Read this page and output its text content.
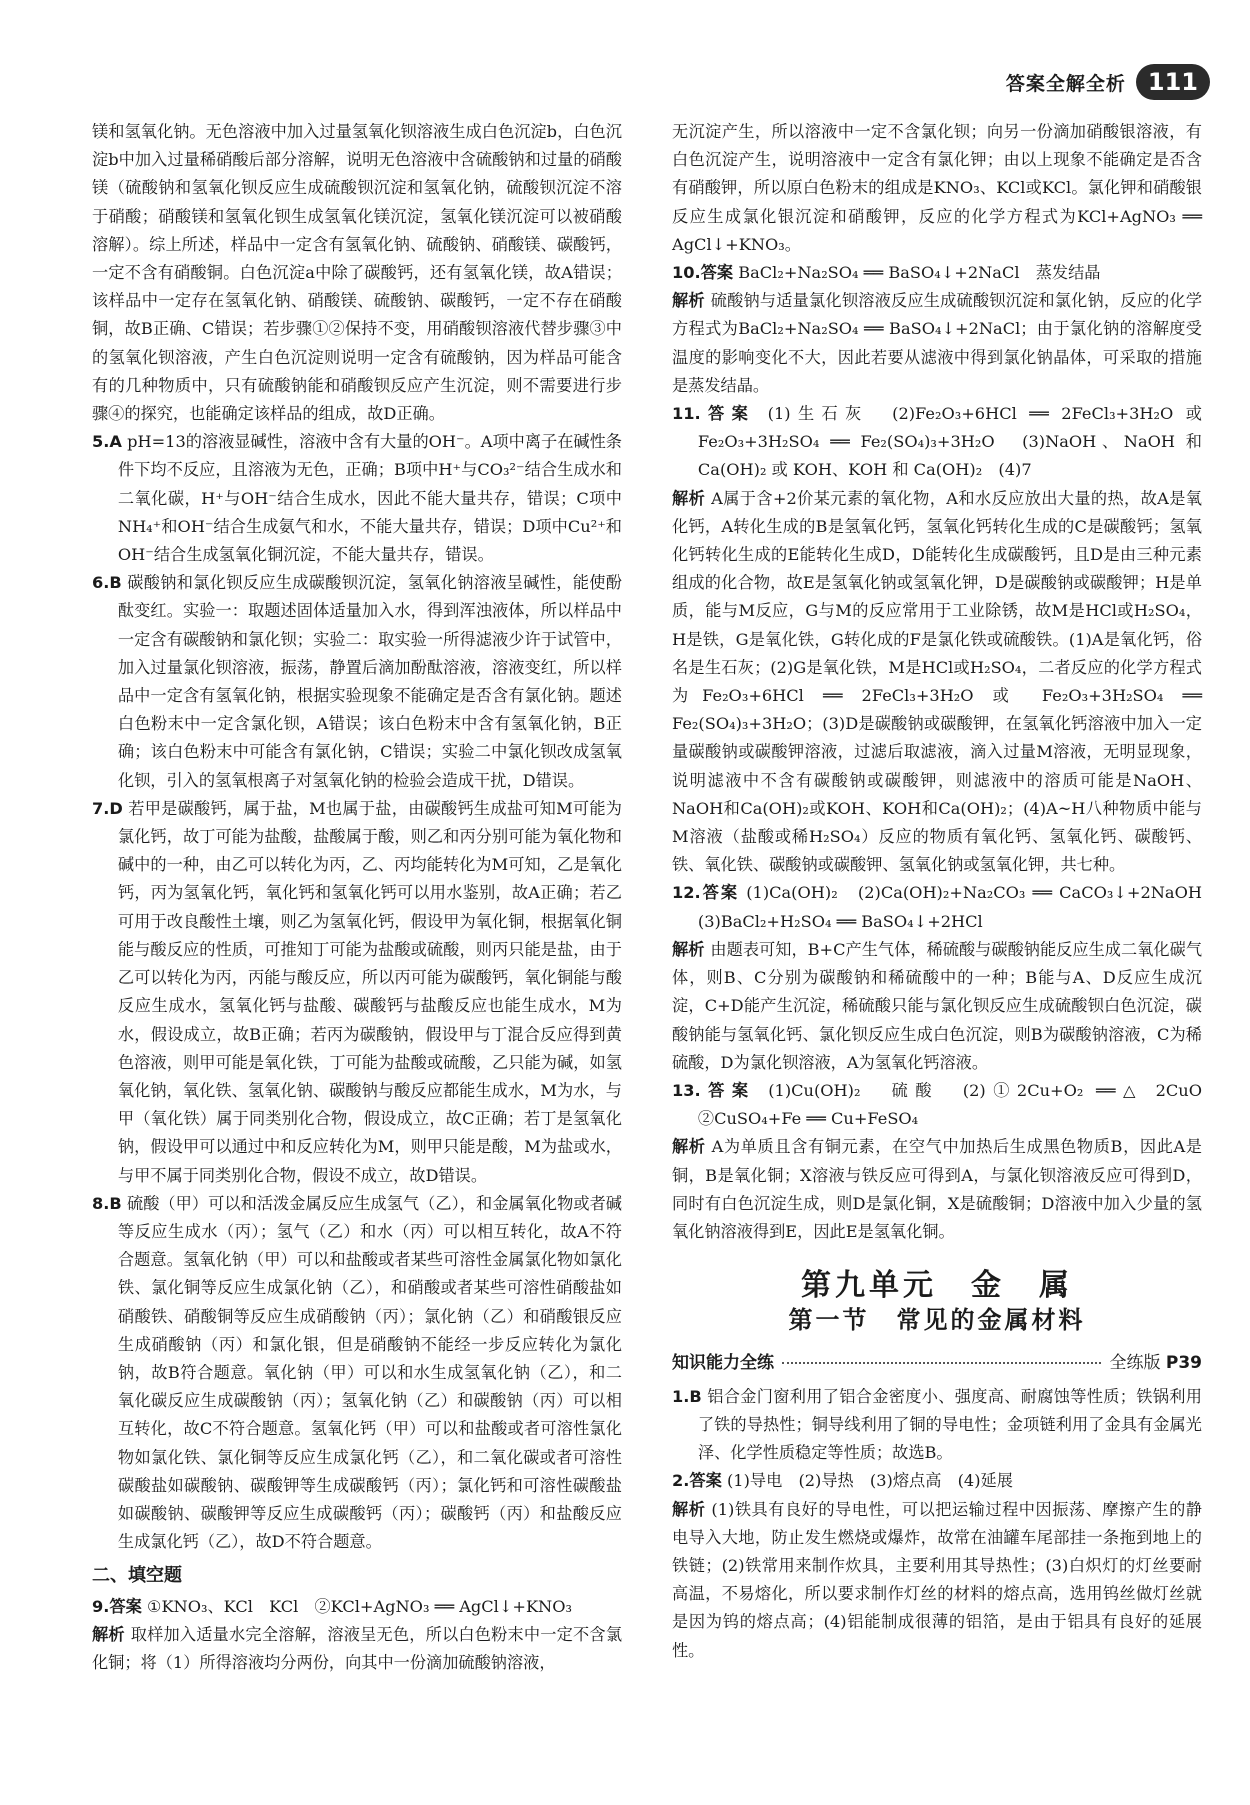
答案全解全析 111

镁和氢氧化钠。无色溶液中加入过量氢氧化钡溶液生成白色沉淀b，白色沉淀b中加入过量稀硝酸后部分溶解，说明无色溶液中含硫酸钠和过量的硝酸镁（硫酸钠和氢氧化钡反应生成硫酸钡沉淀和氢氧化钠，硫酸钡沉淀不溶于硝酸；硝酸镁和氢氧化钡生成氢氧化镁沉淀，氢氧化镁沉淀可以被硝酸溶解）。综上所述，样品中一定含有氢氧化钠、硫酸钠、硝酸镁、碳酸钙，一定不含有硝酸铜。白色沉淀a中除了碳酸钙，还有氢氧化镁，故A错误；该样品中一定存在氢氧化钠、硝酸镁、硫酸钠、碳酸钙，一定不存在硝酸铜，故B正确、C错误；若步骤①②保持不变，用硝酸钡溶液代替步骤③中的氢氧化钡溶液，产生白色沉淀则说明一定含有硫酸钠，因为样品可能含有的几种物质中，只有硫酸钠能和硝酸钡反应产生沉淀，则不需要进行步骤④的探究，也能确定该样品的组成，故D正确。

5.A pH=13的溶液显碱性，溶液中含有大量的OH⁻。A项中离子在碱性条件下均不反应，且溶液为无色，正确；B项中H⁺与CO₃²⁻结合生成水和二氧化碳，H⁺与OH⁻结合生成水，因此不能大量共存，错误；C项中NH₄⁺和OH⁻结合生成氨气和水，不能大量共存，错误；D项中Cu²⁺和OH⁻结合生成氢氧化铜沉淀，不能大量共存，错误。

6.B 碳酸钠和氯化钡反应生成碳酸钡沉淀，氢氧化钠溶液呈碱性，能使酚酞变红。实验一：取题述固体适量加入水，得到浑浊液体，所以样品中一定含有碳酸钠和氯化钡；实验二：取实验一所得滤液少许于试管中，加入过量氯化钡溶液，振荡，静置后滴加酚酞溶液，溶液变红，所以样品中一定含有氢氧化钠，根据实验现象不能确定是否含有氯化钠。题述白色粉末中一定含氯化钡，A错误；该白色粉末中含有氢氧化钠，B正确；该白色粉末中可能含有氯化钠，C错误；实验二中氯化钡改成氢氧化钡，引入的氢氧根离子对氢氧化钠的检验会造成干扰，D错误。

7.D 若甲是碳酸钙，属于盐，M也属于盐，由碳酸钙生成盐可知M可能为氯化钙，故丁可能为盐酸，盐酸属于酸，则乙和丙分别可能为氧化物和碱中的一种，由乙可以转化为丙，乙、丙均能转化为M可知，乙是氧化钙，丙为氢氧化钙，氧化钙和氢氧化钙可以用水鉴别，故A正确；若乙可用于改良酸性土壤，则乙为氢氧化钙，假设甲为氧化铜，根据氧化铜能与酸反应的性质，可推知丁可能为盐酸或硫酸，则丙只能是盐，由于乙可以转化为丙，丙能与酸反应，所以丙可能为碳酸钙，氧化铜能与酸反应生成水，氢氧化钙与盐酸、碳酸钙与盐酸反应也能生成水，M为水，假设成立，故B正确；若丙为碳酸钠，假设甲与丁混合反应得到黄色溶液，则甲可能是氧化铁，丁可能为盐酸或硫酸，乙只能为碱，如氢氧化钠，氧化铁、氢氧化钠、碳酸钠与酸反应都能生成水，M为水，与甲（氧化铁）属于同类别化合物，假设成立，故C正确；若丁是氢氧化钠，假设甲可以通过中和反应转化为M，则甲只能是酸，M为盐或水，与甲不属于同类别化合物，假设不成立，故D错误。

8.B 硫酸（甲）可以和活泼金属反应生成氢气（乙），和金属氧化物或者碱等反应生成水（丙）；氢气（乙）和水（丙）可以相互转化，故A不符合题意。氢氧化钠（甲）可以和盐酸或者某些可溶性金属氯化物如氯化铁、氯化铜等反应生成氯化钠（乙），和硝酸或者某些可溶性硝酸盐如硝酸铁、硝酸铜等反应生成硝酸钠（丙）；氯化钠（乙）和硝酸银反应生成硝酸钠（丙）和氯化银，但是硝酸钠不能经一步反应转化为氯化钠，故B符合题意。氧化钠（甲）可以和水生成氢氧化钠（乙），和二氧化碳反应生成碳酸钠（丙）；氢氧化钠（乙）和碳酸钠（丙）可以相互转化，故C不符合题意。氢氧化钙（甲）可以和盐酸或者可溶性氯化物如氯化铁、氯化铜等反应生成氯化钙（乙），和二氧化碳或者可溶性碳酸盐如碳酸钠、碳酸钾等生成碳酸钙（丙）；氯化钙和可溶性碳酸盐如碳酸钠、碳酸钾等反应生成碳酸钙（丙）；碳酸钙（丙）和盐酸反应生成氯化钙（乙），故D不符合题意。

二、填空题

9.答案 ①KNO₃、KCl　KCl　②KCl+AgNO₃ ══ AgCl↓+KNO₃

解析 取样加入适量水完全溶解，溶液呈无色，所以白色粉末中一定不含氯化铜；将（1）所得溶液均分两份，向其中一份滴加硫酸钠溶液，

无沉淀产生，所以溶液中一定不含氯化钡；向另一份滴加硝酸银溶液，有白色沉淀产生，说明溶液中一定含有氯化钾；由以上现象不能确定是否含有硝酸钾，所以原白色粉末的组成是KNO₃、KCl或KCl。氯化钾和硝酸银反应生成氯化银沉淀和硝酸钾，反应的化学方程式为KCl+AgNO₃ ══ AgCl↓+KNO₃。

10.答案 BaCl₂+Na₂SO₄ ══ BaSO₄↓+2NaCl　蒸发结晶

解析 硫酸钠与适量氯化钡溶液反应生成硫酸钡沉淀和氯化钠，反应的化学方程式为BaCl₂+Na₂SO₄ ══ BaSO₄↓+2NaCl；由于氯化钠的溶解度受温度的影响变化不大，因此若要从滤液中得到氯化钠晶体，可采取的措施是蒸发结晶。

11.答案 (1)生石灰　(2)Fe₂O₃+6HCl ══ 2FeCl₃+3H₂O 或 Fe₂O₃+3H₂SO₄ ══ Fe₂(SO₄)₃+3H₂O　(3)NaOH、NaOH 和 Ca(OH)₂ 或 KOH、KOH 和 Ca(OH)₂　(4)7

解析 A属于含+2价某元素的氧化物，A和水反应放出大量的热，故A是氧化钙，A转化生成的B是氢氧化钙，氢氧化钙转化生成的C是碳酸钙；氢氧化钙转化生成的E能转化生成D，D能转化生成碳酸钙，且D是由三种元素组成的化合物，故E是氢氧化钠或氢氧化钾，D是碳酸钠或碳酸钾；H是单质，能与M反应，G与M的反应常用于工业除锈，故M是HCl或H₂SO₄，H是铁，G是氧化铁，G转化成的F是氯化铁或硫酸铁。(1)A是氧化钙，俗名是生石灰；(2)G是氧化铁，M是HCl或H₂SO₄，二者反应的化学方程式为Fe₂O₃+6HCl ══ 2FeCl₃+3H₂O 或 Fe₂O₃+3H₂SO₄ ══ Fe₂(SO₄)₃+3H₂O；(3)D是碳酸钠或碳酸钾，在氢氧化钙溶液中加入一定量碳酸钠或碳酸钾溶液，过滤后取滤液，滴入过量M溶液，无明显现象，说明滤液中不含有碳酸钠或碳酸钾，则滤液中的溶质可能是NaOH、NaOH和Ca(OH)₂或KOH、KOH和Ca(OH)₂；(4)A~H八种物质中能与M溶液（盐酸或稀H₂SO₄）反应的物质有氧化钙、氢氧化钙、碳酸钙、铁、氧化铁、碳酸钠或碳酸钾、氢氧化钠或氢氧化钾，共七种。

12.答案 (1)Ca(OH)₂　(2)Ca(OH)₂+Na₂CO₃ ══ CaCO₃↓+2NaOH　(3)BaCl₂+H₂SO₄ ══ BaSO₄↓+2HCl

解析 由题表可知，B+C产生气体，稀硫酸与碳酸钠能反应生成二氧化碳气体，则B、C分别为碳酸钠和稀硫酸中的一种；B能与A、D反应生成沉淀，C+D能产生沉淀，稀硫酸只能与氯化钡反应生成硫酸钡白色沉淀，碳酸钠能与氢氧化钙、氯化钡反应生成白色沉淀，则B为碳酸钠溶液，C为稀硫酸，D为氯化钡溶液，A为氢氧化钙溶液。

13.答案 (1)Cu(OH)₂　硫酸　(2)①2Cu+O₂ ══△ 2CuO　②CuSO₄+Fe ══ Cu+FeSO₄

解析 A为单质且含有铜元素，在空气中加热后生成黑色物质B，因此A是铜，B是氧化铜；X溶液与铁反应可得到A，与氯化钡溶液反应可得到D，同时有白色沉淀生成，则D是氯化铜，X是硫酸铜；D溶液中加入少量的氢氧化钠溶液得到E，因此E是氢氧化铜。

第九单元　金　属
第一节　常见的金属材料
知识能力全练	全练版 P39

1.B 铝合金门窗利用了铝合金密度小、强度高、耐腐蚀等性质；铁锅利用了铁的导热性；铜导线利用了铜的导电性；金项链利用了金具有金属光泽、化学性质稳定等性质；故选B。

2.答案 (1)导电　(2)导热　(3)熔点高　(4)延展

解析 (1)铁具有良好的导电性，可以把运输过程中因振荡、摩擦产生的静电导入大地，防止发生燃烧或爆炸，故常在油罐车尾部挂一条拖到地上的铁链；(2)铁常用来制作炊具，主要利用其导热性；(3)白炽灯的灯丝要耐高温，不易熔化，所以要求制作灯丝的材料的熔点高，选用钨丝做灯丝就是因为钨的熔点高；(4)铝能制成很薄的铝箔，是由于铝具有良好的延展性。
